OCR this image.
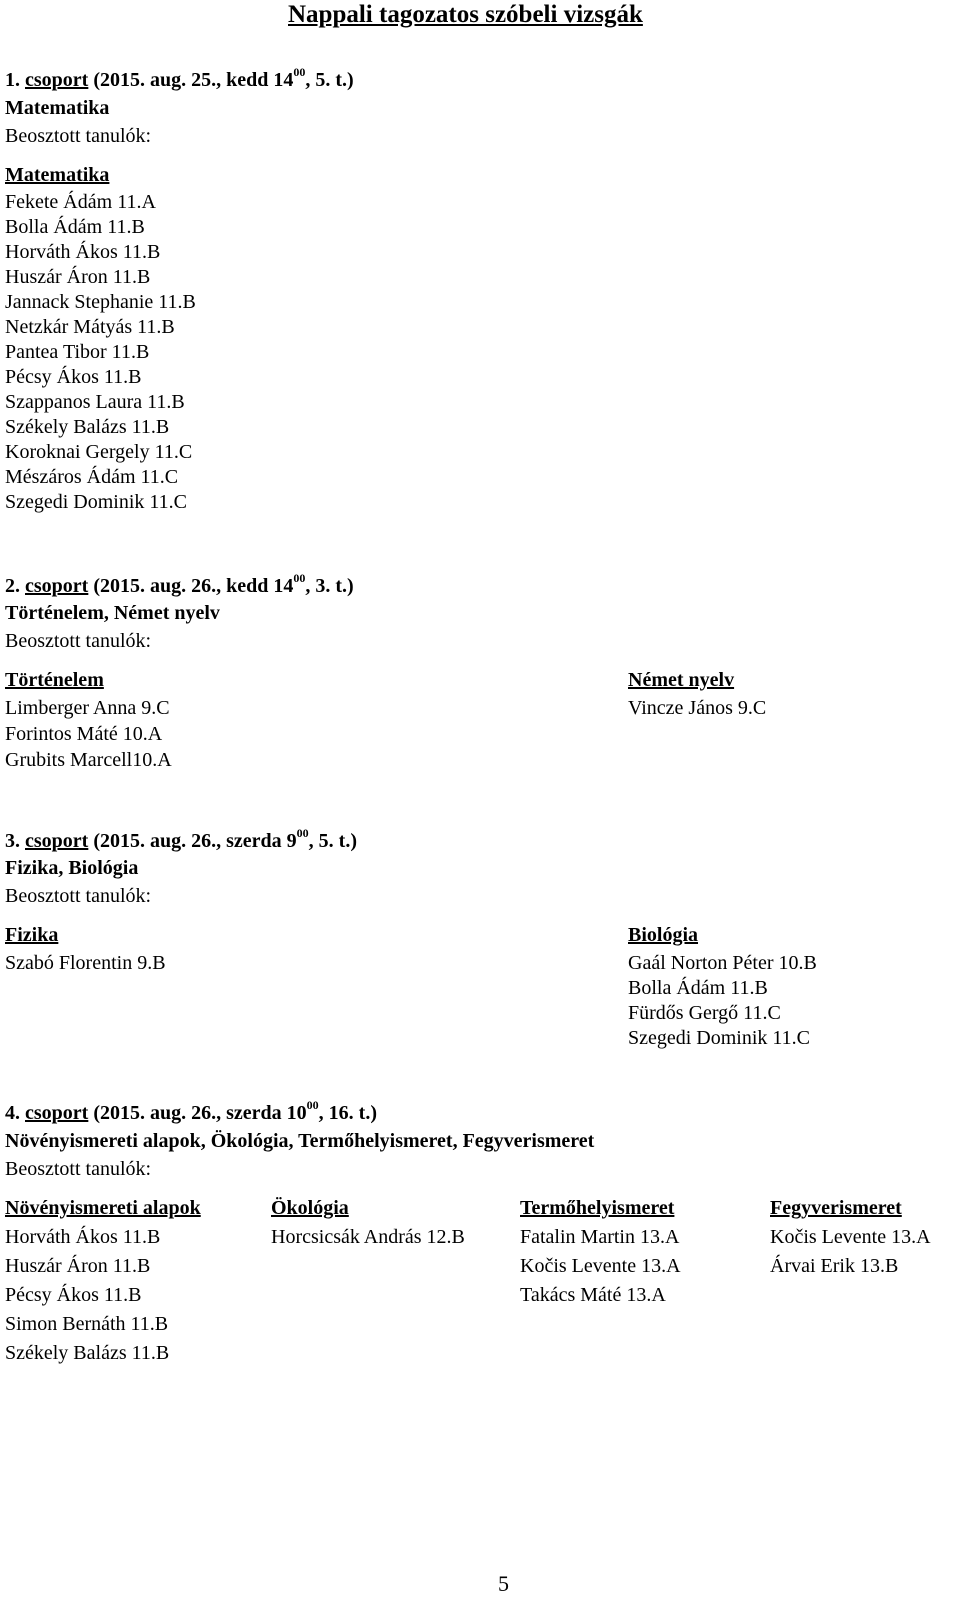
Nappali tagozatos szóbeli vizsgák
1. csoport (2015. aug. 25., kedd $14^{00}$, 5. t.)
Matematika
Beosztott tanulók:
Matematika
Fekete Ádám 11.A
Bolla Ádám 11.B
Horváth Ákos 11.B
Huszár Áron 11.B
Jannack Stephanie 11.B
Netzkár Mátyás 11.B
Pantea Tibor 11.B
Pécsy Ákos 11.B
Szappanos Laura 11.B
Székely Balázs 11.B
Koroknai Gergely 11.C
Mészáros Ádám 11.C
Szegedi Dominik 11.C
2. csoport (2015. aug. 26., kedd $14^{00}$, 3. t.)
Történelem, Német nyelv
Beosztott tanulók:
Történelem
Limberger Anna 9.C
Forintos Máté 10.A
Grubits Marcell10.A
Német nyelv
Vincze János 9.C
3. csoport (2015. aug. 26., szerda $9^{00}$, 5. t.)
Fizika, Biológia
Beosztott tanulók:
Fizika
Szabó Florentin 9.B
Biológia
Gaál Norton Péter 10.B
Bolla Ádám 11.B
Fürdős Gergő 11.C
Szegedi Dominik 11.C
4. csoport (2015. aug. 26., szerda $10^{00}$, 16. t.)
Növényismereti alapok, Ökológia, Termőhelyismeret, Fegyverismeret
Beosztott tanulók:
Növényismereti alapok
Horváth Ákos 11.B
Huszár Áron 11.B
Pécsy Ákos 11.B
Simon Bernáth 11.B
Székely Balázs 11.B
Ökológia
Horcsicsák András 12.B
Termőhelyismeret
Fatalin Martin 13.A
Kočis Levente 13.A
Takács Máté 13.A
Fegyverismeret
Kočis Levente 13.A
Árvai Erik 13.B
5
